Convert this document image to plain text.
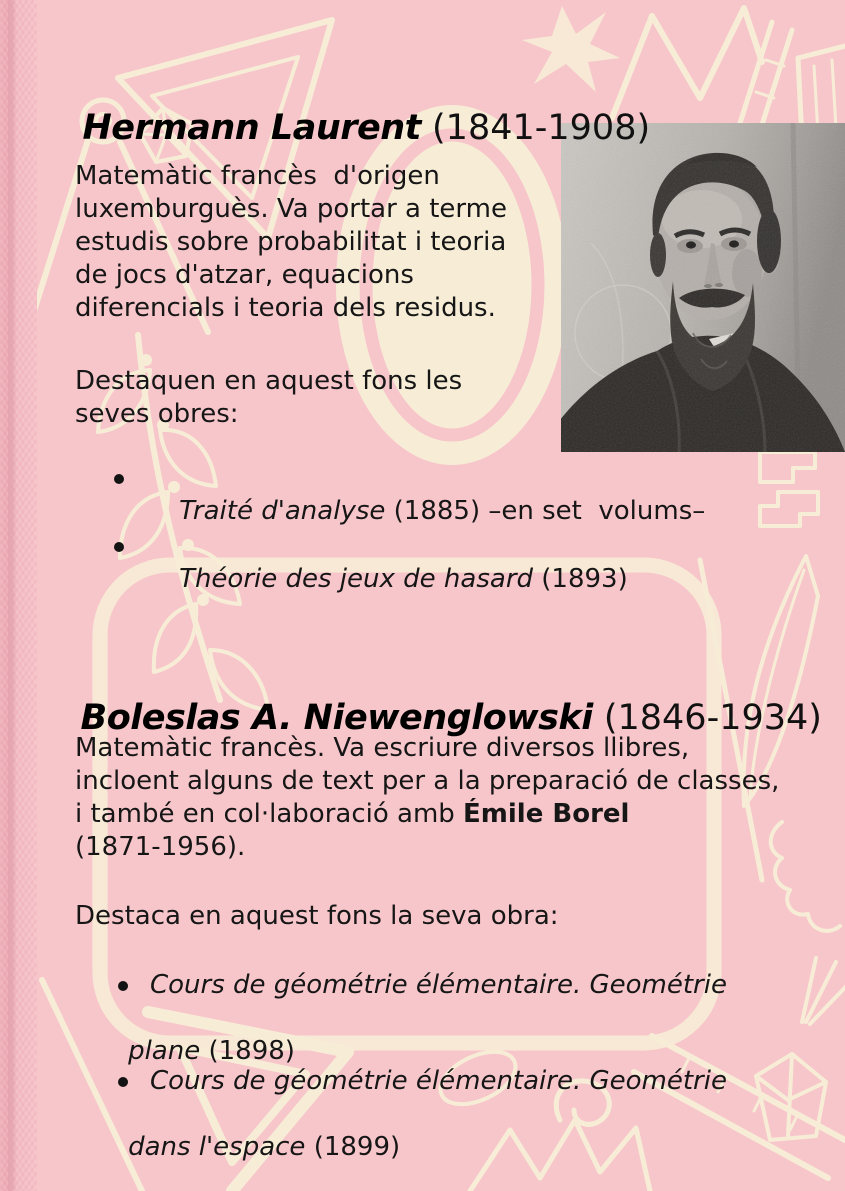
Hermann Laurent (1841-1908)

Matemàtic francès  d'origen
luxemburguès. Va portar a terme
estudis sobre probabilitat i teoria
de jocs d'atzar, equacions
diferencials i teoria dels residus.
Destaquen en aquest fons les
seves obres:

Traité d'analyse (1885) –en set  volums–

Théorie des jeux de hasard (1893)

Boleslas A. Niewenglowski (1846-1934)

Matemàtic francès. Va escriure diversos llibres,
incloent alguns de text per a la preparació de classes,
i també en col·laboració amb Émile Borel
(1871-1956).
Destaca en aquest fons la seva obra:
Cours de géométrie élémentaire. Geométrie

plane (1898)

Cours de géométrie élémentaire. Geométrie

dans l'espace (1899)
